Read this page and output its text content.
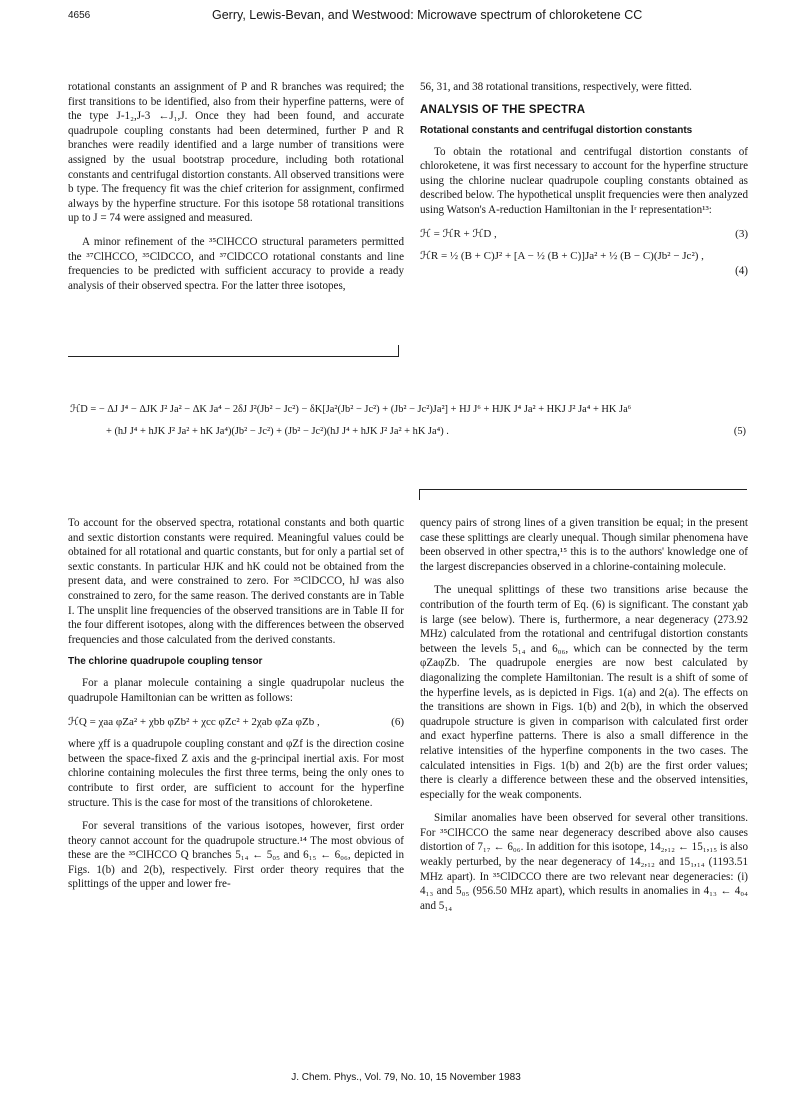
4656	Gerry, Lewis-Bevan, and Westwood: Microwave spectrum of chloroketene CC

rotational constants an assignment of P and R branches was required; the first transitions to be identified, also from their hyperfine patterns, were of the type J-1₂,J-3 ←J₁,J. Once they had been found, and accurate quadrupole coupling constants had been determined, further P and R branches were readily identified and a large number of transitions were assigned by the usual bootstrap procedure, including both rotational constants and centrifugal distortion constants. All observed transitions were b type. The frequency fit was the chief criterion for assignment, confirmed always by the hyperfine structure. For this isotope 58 rotational transitions up to J = 74 were assigned and measured.

A minor refinement of the ³⁵ClHCCO structural parameters permitted the ³⁷ClHCCO, ³⁵ClDCCO, and ³⁷ClDCCO rotational constants and line frequencies to be predicted with sufficient accuracy to provide a ready analysis of their observed spectra. For the latter three isotopes,

56, 31, and 38 rotational transitions, respectively, were fitted.

ANALYSIS OF THE SPECTRA
Rotational constants and centrifugal distortion constants

To obtain the rotational and centrifugal distortion constants of chloroketene, it was first necessary to account for the hyperfine structure using the chlorine nuclear quadrupole coupling constants obtained as described below. The hypothetical unsplit frequencies were then analyzed using Watson's A-reduction Hamiltonian in the Iʳ representation¹³:

ℋ = ℋR + ℋD ,	(3)
ℋR = ½ (B + C)J² + [A − ½ (B + C)]Ja² + ½ (B − C)(Jb² − Jc²) ,
(4)
ℋD = − ΔJ J⁴ − ΔJK J² Ja² − ΔK Ja⁴ − 2δJ J²(Jb² − Jc²) − δK[Ja²(Jb² − Jc²) + (Jb² − Jc²)Ja²] + HJ J⁶ + HJK J⁴ Ja² + HKJ J² Ja⁴ + HK Ja⁶
+ (hJ J⁴ + hJK J² Ja² + hK Ja⁴)(Jb² − Jc²) + (Jb² − Jc²)(hJ J⁴ + hJK J² Ja² + hK Ja⁴) .	(5)

To account for the observed spectra, rotational constants and both quartic and sextic distortion constants were required. Meaningful values could be obtained for all rotational and quartic constants, but for only a partial set of sextic constants. In particular HJK and hK could not be obtained from the present data, and were constrained to zero. For ³⁵ClDCCO, hJ was also constrained to zero, for the same reason. The derived constants are in Table I. The unsplit line frequencies of the observed transitions are in Table II for the four different isotopes, along with the differences between the observed frequencies and those calculated from the derived constants.

The chlorine quadrupole coupling tensor

For a planar molecule containing a single quadrupolar nucleus the quadrupole Hamiltonian can be written as follows:

ℋQ = χaa φZa² + χbb φZb² + χcc φZc² + 2χab φZa φZb ,	(6)

where χff is a quadrupole coupling constant and φZf is the direction cosine between the space-fixed Z axis and the g-principal inertial axis. For most chlorine containing molecules the first three terms, being the only ones to contribute to first order, are sufficient to account for the hyperfine structure. This is the case for most of the transitions of chloroketene.

For several transitions of the various isotopes, however, first order theory cannot account for the quadrupole structure.¹⁴ The most obvious of these are the ³⁵ClHCCO Q branches 5₁₄ ← 5₀₅ and 6₁₅ ← 6₀₆, depicted in Figs. 1(b) and 2(b), respectively. First order theory requires that the splittings of the upper and lower fre-

quency pairs of strong lines of a given transition be equal; in the present case these splittings are clearly unequal. Though similar phenomena have been observed in other spectra,¹⁵ this is to the authors' knowledge one of the largest discrepancies observed in a chlorine-containing molecule.

The unequal splittings of these two transitions arise because the contribution of the fourth term of Eq. (6) is significant. The constant χab is large (see below). There is, furthermore, a near degeneracy (273.92 MHz) calculated from the rotational and centrifugal distortion constants between the levels 5₁₄ and 6₀₆, which can be connected by the term φZaφZb. The quadrupole energies are now best calculated by diagonalizing the complete Hamiltonian. The result is a shift of some of the hyperfine levels, as is depicted in Figs. 1(a) and 2(a). The effects on the transitions are shown in Figs. 1(b) and 2(b), in which the observed quadrupole structure is given in comparison with calculated first order and exact hyperfine patterns. There is also a small difference in the relative intensities of the hyperfine components in the two cases. The calculated intensities in Figs. 1(b) and 2(b) are the first order values; there is clearly a difference between these and the observed intensities, especially for the weak components.

Similar anomalies have been observed for several other transitions. For ³⁵ClHCCO the same near degeneracy described above also causes distortion of 7₁₇ ← 6₀₆. In addition for this isotope, 14₂,₁₂ ← 15₁,₁₅ is also weakly perturbed, by the near degeneracy of 14₂,₁₂ and 15₁,₁₄ (1193.51 MHz apart). In ³⁵ClDCCO there are two relevant near degeneracies: (i) 4₁₃ and 5₀₅ (956.50 MHz apart), which results in anomalies in 4₁₃ ← 4₀₄ and 5₁₄

J. Chem. Phys., Vol. 79, No. 10, 15 November 1983
